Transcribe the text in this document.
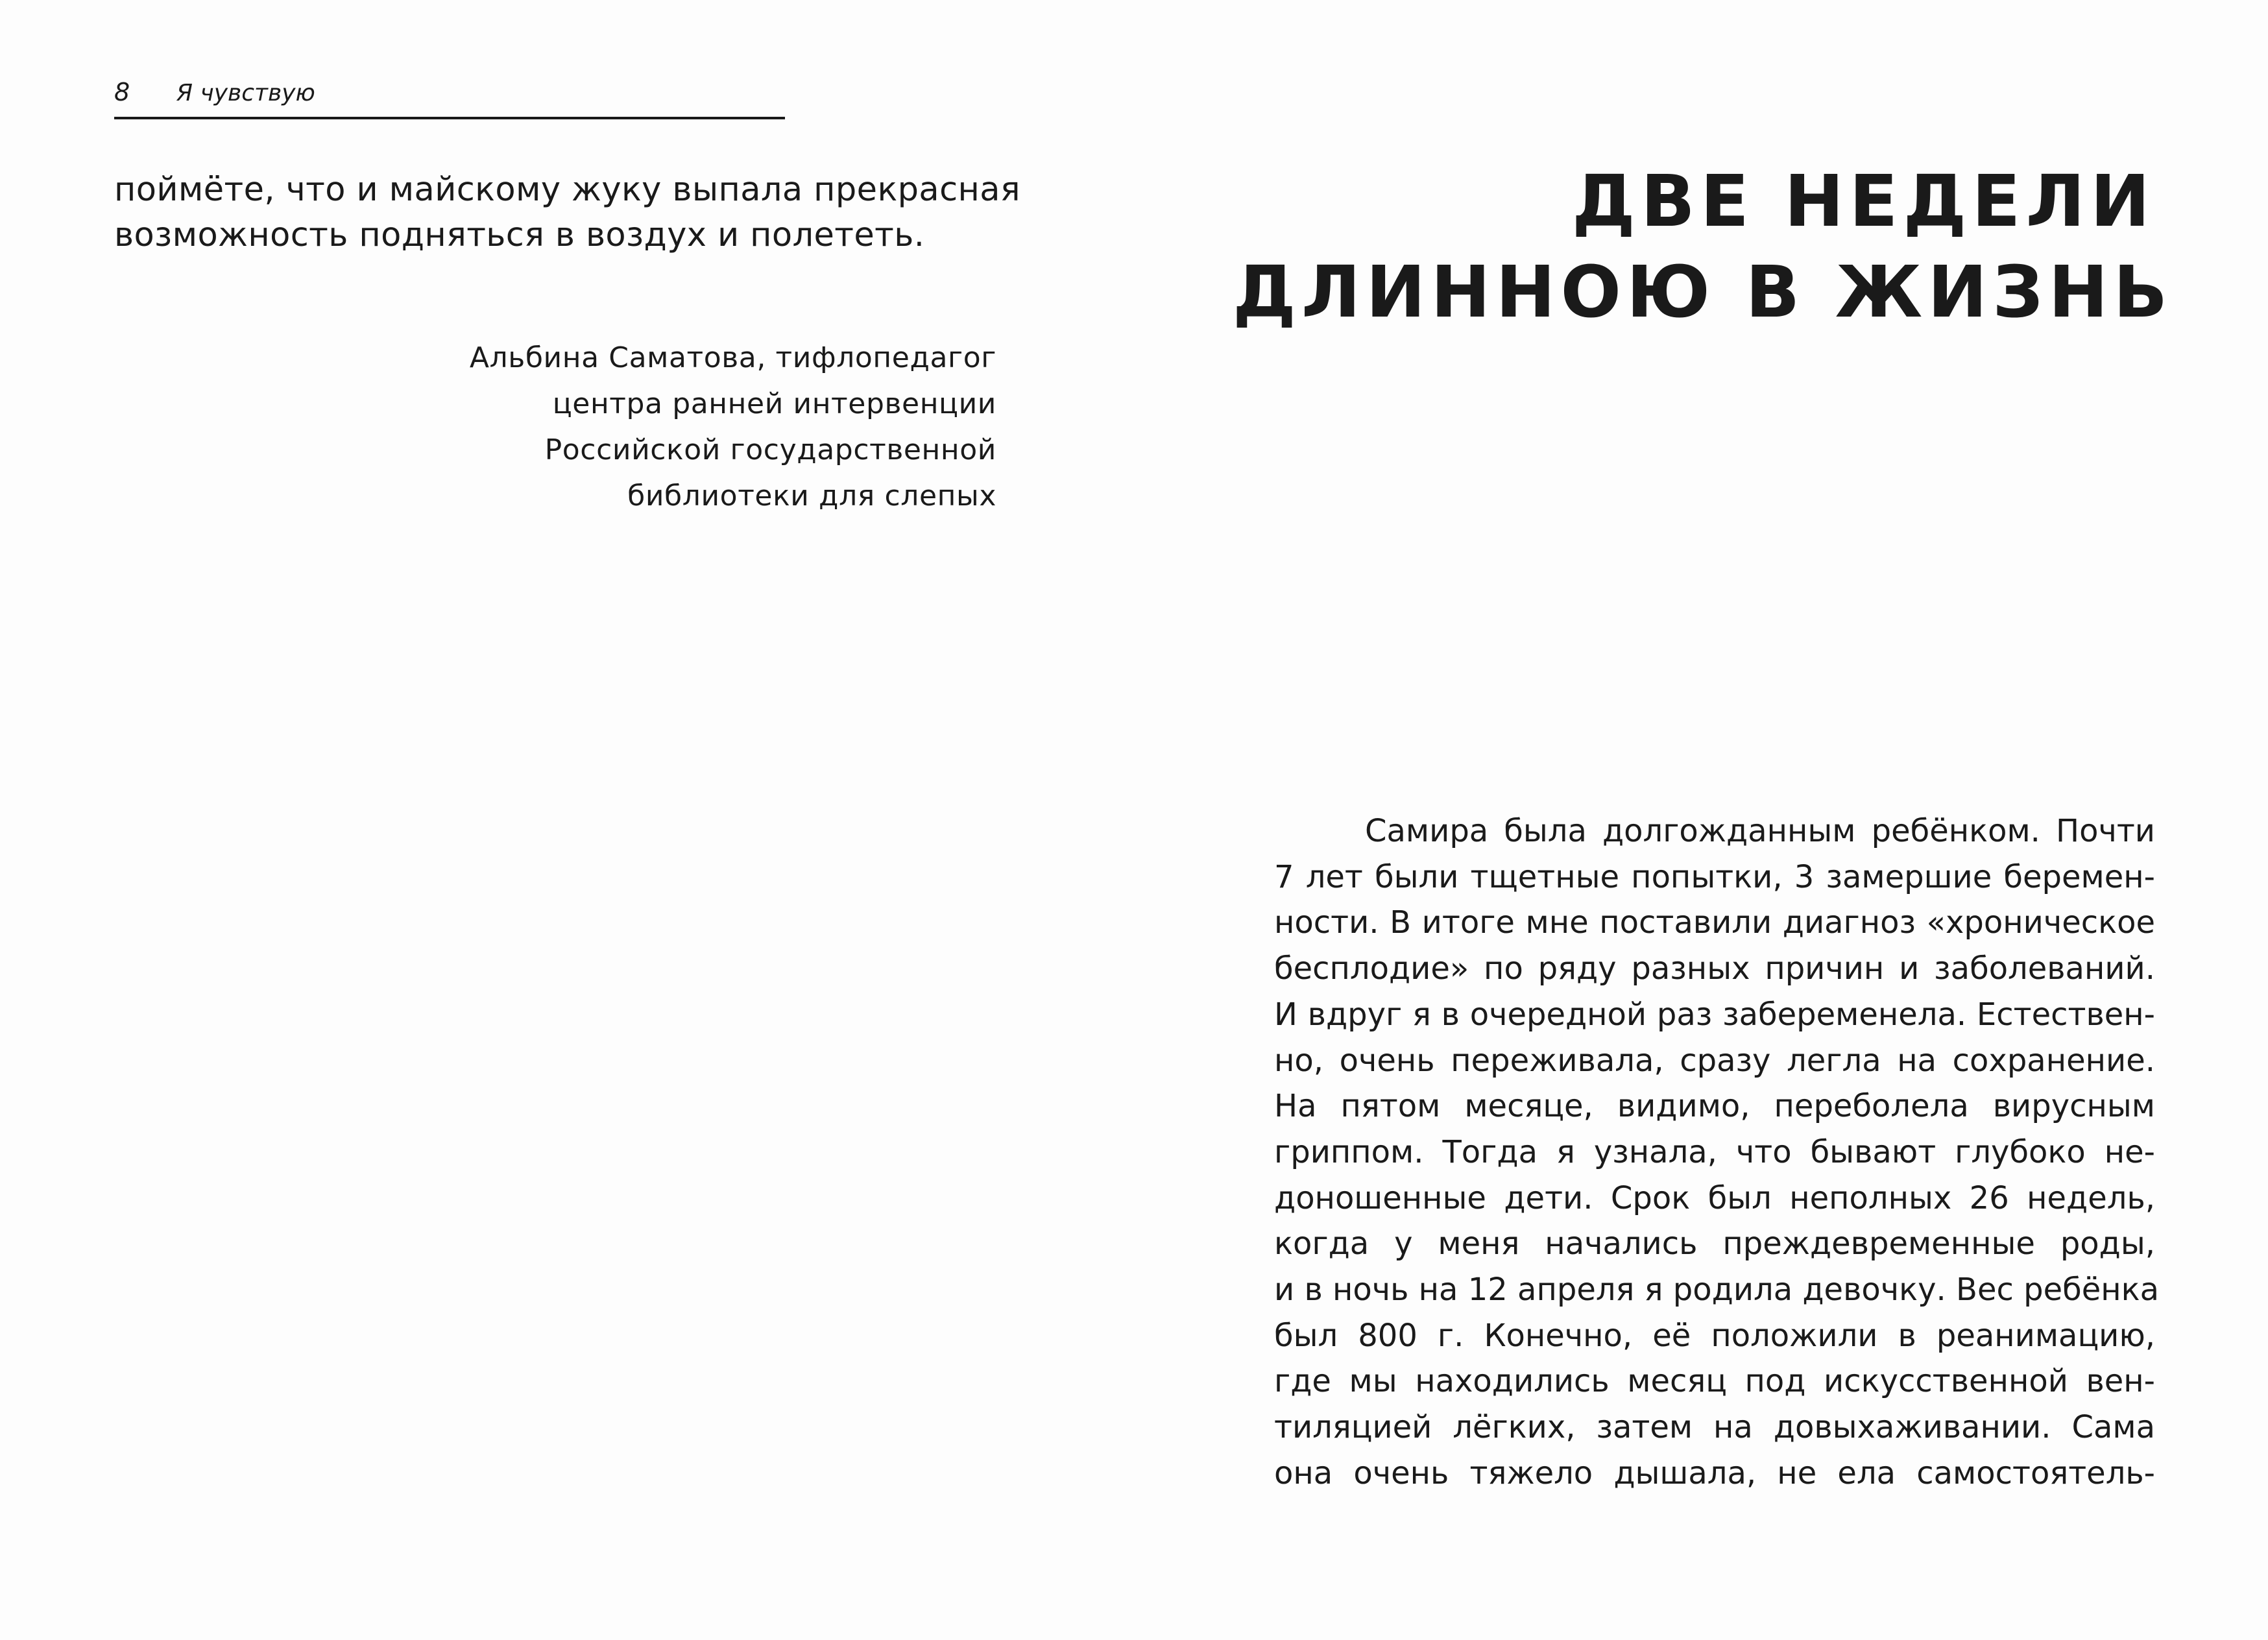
8 Я чувствую
поймёте, что и майскому жуку выпала прекрасная
возможность подняться в воздух и полететь.
Альбина Саматова, тифлопедагог
центра ранней интервенции
Российской государственной
библиотеки для слепых
ДВЕ НЕДЕЛИ
ДЛИННОЮ В ЖИЗНЬ
Самира была долгожданным ребёнком. Почти
7 лет были тщетные попытки, 3 замершие беремен-
ности. В итоге мне поставили диагноз «хроническое
бесплодие» по ряду разных причин и заболеваний.
И вдруг я в очередной раз забеременела. Естествен-
но, очень переживала, сразу легла на сохранение.
На пятом месяце, видимо, переболела вирусным
гриппом. Тогда я узнала, что бывают глубоко не-
доношенные дети. Срок был неполных 26 недель,
когда у меня начались преждевременные роды,
и в ночь на 12 апреля я родила девочку. Вес ребёнка
был 800 г. Конечно, её положили в реанимацию,
где мы находились месяц под искусственной вен-
тиляцией лёгких, затем на довыхаживании. Сама
она очень тяжело дышала, не ела самостоятель-
